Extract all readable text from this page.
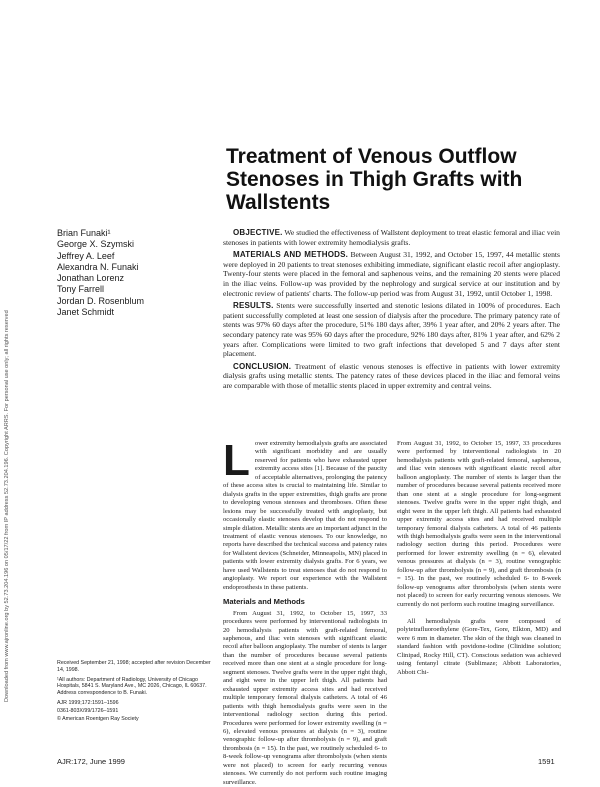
Downloaded from www.ajronline.org by 52.73.204.196 on 05/17/22 from IP address 52.73.204.196. Copyright ARRS. For personal use only; all rights reserved
Treatment of Venous Outflow Stenoses in Thigh Grafts with Wallstents
Brian Funaki¹
George X. Szymski
Jeffrey A. Leef
Alexandra N. Funaki
Jonathan Lorenz
Tony Farrell
Jordan D. Rosenblum
Janet Schmidt

OBJECTIVE. We studied the effectiveness of Wallstent deployment to treat elastic femoral and iliac vein stenoses in patients with lower extremity hemodialysis grafts.

MATERIALS AND METHODS. Between August 31, 1992, and October 15, 1997, 44 metallic stents were deployed in 20 patients to treat stenoses exhibiting immediate, significant elastic recoil after angioplasty. Twenty-four stents were placed in the femoral and saphenous veins, and the remaining 20 stents were placed in the iliac veins. Follow-up was provided by the nephrology and surgical service at our institution and by electronic review of patients' charts. The follow-up period was from August 31, 1992, until October 1, 1998.

RESULTS. Stents were successfully inserted and stenotic lesions dilated in 100% of procedures. Each patient successfully completed at least one session of dialysis after the procedure. The primary patency rate of stents was 97% 60 days after the procedure, 51% 180 days after, 39% 1 year after, and 20% 2 years after. The secondary patency rate was 95% 60 days after the procedure, 92% 180 days after, 81% 1 year after, and 62% 2 years after. Complications were limited to two graft infections that developed 5 and 7 days after stent placement.

CONCLUSION. Treatment of elastic venous stenoses is effective in patients with lower extremity dialysis grafts using metallic stents. The patency rates of these devices placed in the iliac and femoral veins are comparable with those of metallic stents placed in upper extremity and central veins.

Lower extremity hemodialysis grafts are associated with significant morbidity and are usually reserved for patients who have exhausted upper extremity access sites [1]. Because of the paucity of acceptable alternatives, prolonging the patency of these access sites is crucial to maintaining life. Similar to dialysis grafts in the upper extremities, thigh grafts are prone to developing venous stenoses and thromboses. Often these lesions may be successfully treated with angioplasty, but occasionally elastic stenoses develop that do not respond to simple dilation. Metallic stents are an important adjunct in the treatment of elastic venous stenoses. To our knowledge, no reports have described the technical success and patency rates for Wallstent devices (Schneider, Minneapolis, MN) placed in patients with lower extremity dialysis grafts. For 6 years, we have used Wallstents to treat stenoses that do not respond to angioplasty. We report our experience with the Wallstent endoprosthesis in these patients.

Materials and Methods

From August 31, 1992, to October 15, 1997, 33 procedures were performed by interventional radiologists in 20 hemodialysis patients with graft-related femoral, saphenous, and iliac vein stenoses with significant elastic recoil after balloon angioplasty. The number of stents is larger than the number of procedures because several patients received more than one stent at a single procedure for long-segment stenoses. Twelve grafts were in the upper right thigh, and eight were in the upper left thigh. All patients had exhausted upper extremity access sites and had received multiple temporary femoral dialysis catheters. A total of 46 patients with thigh hemodialysis grafts were seen in the interventional radiology section during this period. Procedures were performed for lower extremity swelling (n = 6), elevated venous pressures at dialysis (n = 3), routine venographic follow-up after thrombolysis (n = 9), and graft thrombosis (n = 15). In the past, we routinely scheduled 6- to 8-week follow-up venograms after thrombolysis (when stents were not placed) to screen for early recurring venous stenoses. We currently do not perform such routine imaging surveillance.

From August 31, 1992, to October 15, 1997, 33 procedures were performed by interventional radiologists in 20 hemodialysis patients with graft-related femoral, saphenous, and iliac vein stenoses with significant elastic recoil after balloon angioplasty. The number of stents is larger than the number of procedures because several patients received more than one stent at a single procedure for long-segment stenoses. Twelve grafts were in the upper right thigh, and eight were in the upper left thigh. All patients had exhausted upper extremity access sites and had received multiple temporary femoral dialysis catheters. A total of 46 patients with thigh hemodialysis grafts were seen in the interventional radiology section during this period. Procedures were performed for lower extremity swelling (n = 6), elevated venous pressures at dialysis (n = 3), routine venographic follow-up after thrombolysis (n = 9), and graft thrombosis (n = 15). In the past, we routinely scheduled 6- to 8-week follow-up venograms after thrombolysis (when stents were not placed) to screen for early recurring venous stenoses. We currently do not perform such routine imaging surveillance.

All hemodialysis grafts were composed of polytetrafluoroethylene (Gore-Tex, Gore, Elkton, MD) and were 6 mm in diameter. The skin of the thigh was cleaned in standard fashion with povidone-iodine (Clinidine solution; Clinipad, Rocky Hill, CT). Conscious sedation was achieved using fentanyl citrate (Sublimaze; Abbott Laboratories, Abbott Chi-

Received September 21, 1998; accepted after revision December 14, 1998.

¹All authors: Department of Radiology, University of Chicago Hospitals, 5841 S. Maryland Ave., MC 2026, Chicago, IL 60637. Address correspondence to B. Funaki.

AJR 1999;172:1591–1596

0361-803X/99/1726–1591

© American Roentgen Ray Society

AJR:172, June 1999	1591
